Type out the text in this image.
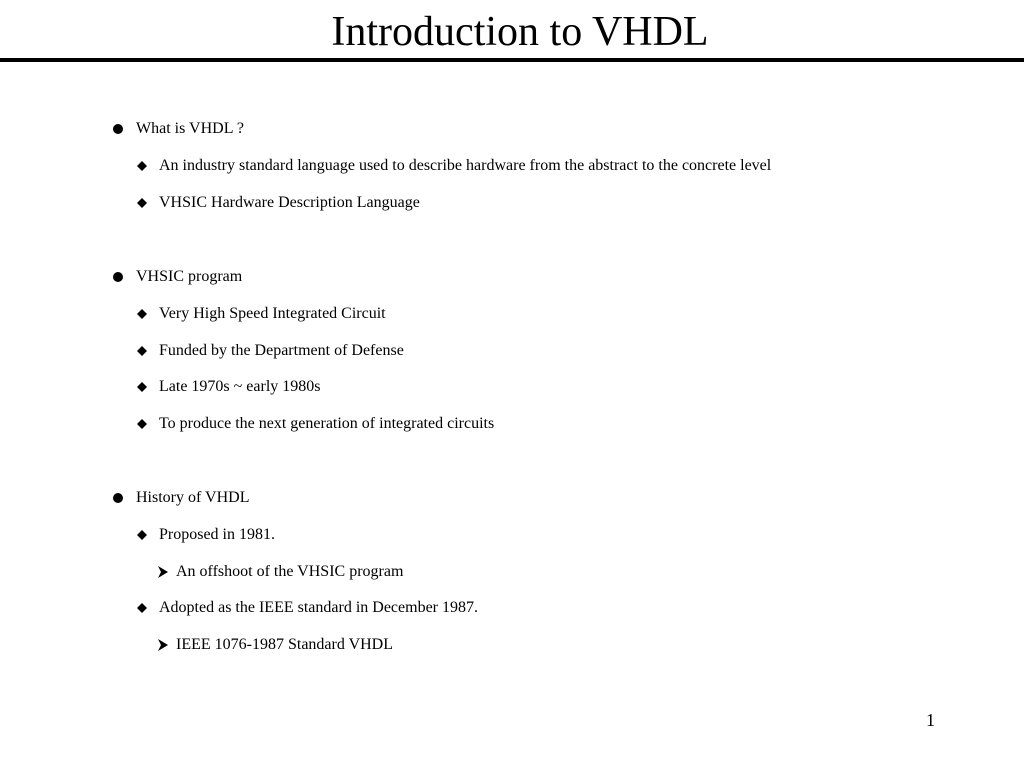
Introduction to VHDL
What is VHDL ?
An industry standard language used to describe hardware from the abstract to the concrete level
VHSIC Hardware Description Language
VHSIC program
Very High Speed Integrated Circuit
Funded by the Department of Defense
Late 1970s ~ early 1980s
To produce the next generation of integrated circuits
History of VHDL
Proposed in 1981.
An offshoot of the VHSIC program
Adopted as the IEEE standard in December 1987.
IEEE 1076-1987 Standard VHDL
1
